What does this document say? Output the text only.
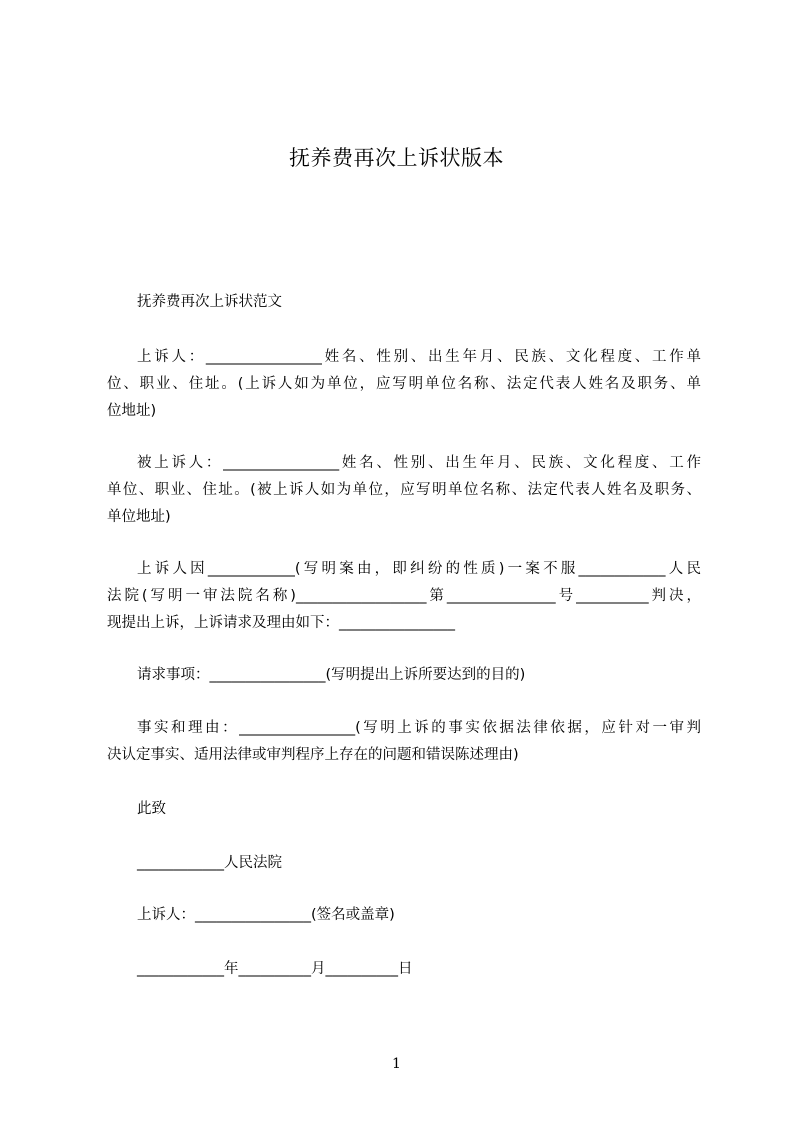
抚养费再次上诉状版本
抚养费再次上诉状范文
上诉人：________________姓名、性别、出生年月、民族、文化程度、工作单
位、职业、住址。(上诉人如为单位，应写明单位名称、法定代表人姓名及职务、单
位地址)
被上诉人：________________姓名、性别、出生年月、民族、文化程度、工作
单位、职业、住址。(被上诉人如为单位，应写明单位名称、法定代表人姓名及职务、
单位地址)
上诉人因____________(写明案由，即纠纷的性质)一案不服____________人民
法院(写明一审法院名称)__________________第_______________号__________判决，
现提出上诉，上诉请求及理由如下：________________
请求事项：________________(写明提出上诉所要达到的目的)
事实和理由：________________(写明上诉的事实依据法律依据，应针对一审判
决认定事实、适用法律或审判程序上存在的问题和错误陈述理由)
此致
____________人民法院
上诉人：________________(签名或盖章)
____________年__________月__________日
1
